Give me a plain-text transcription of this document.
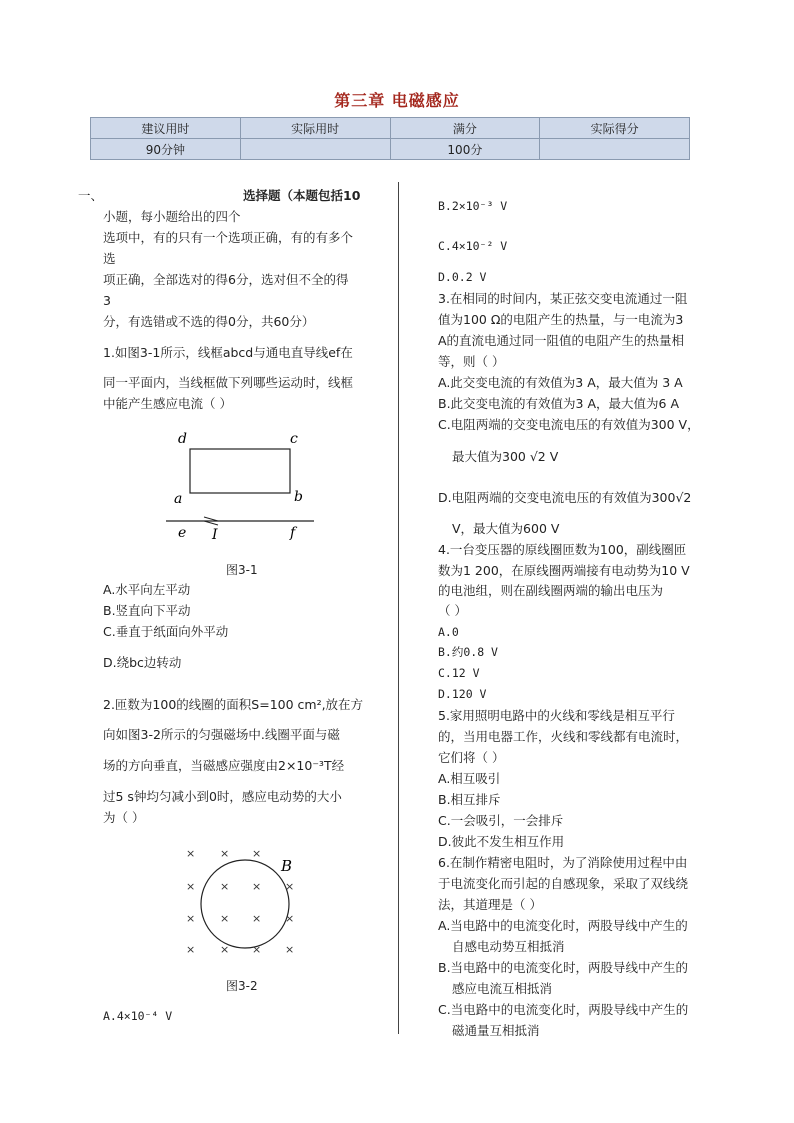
第三章 电磁感应
建议用时	实际用时	满分	实际得分
90分钟		100分	
一、	选择题（本题包括10
小题，每小题给出的四个
选项中，有的只有一个选项正确，有的有多个
选
项正确，全部选对的得6分，选对但不全的得
3
分，有选错或不选的得0分，共60分）
1.如图3-1所示，线框abcd与通电直导线ef在
同一平面内，当线框做下列哪些运动时，线框
中能产生感应电流（ ）
d	c
a	b
e I	f
图3-1
A.水平向左平动
B.竖直向下平动
C.垂直于纸面向外平动
D.绕bc边转动
2.匝数为100的线圈的面积S=100 cm²,放在方
向如图3-2所示的匀强磁场中.线圈平面与磁
场的方向垂直，当磁感应强度由2×10⁻³T经
过5 s钟均匀减小到0时，感应电动势的大小
为（ ）
× × ×
× × × ×
× × × ×
× × × ×
B
图3-2
A.4×10⁻⁴ V
B.2×10⁻³ V
C.4×10⁻² V
D.0.2 V
3.在相同的时间内，某正弦交变电流通过一阻
值为100 Ω的电阻产生的热量，与一电流为3
A的直流电通过同一阻值的电阻产生的热量相
等，则（ ）
A.此交变电流的有效值为3 A，最大值为 3 A
B.此交变电流的有效值为3 A，最大值为6 A
C.电阻两端的交变电流电压的有效值为300 V，
最大值为300 √2 V
D.电阻两端的交变电流电压的有效值为300√2
V，最大值为600 V
4.一台变压器的原线圈匝数为100，副线圈匝
数为1 200，在原线圈两端接有电动势为10 V
的电池组，则在副线圈两端的输出电压为
（ ）
A.0
B.约0.8 V
C.12 V
D.120 V
5.家用照明电路中的火线和零线是相互平行
的，当用电器工作，火线和零线都有电流时，
它们将（ ）
A.相互吸引
B.相互排斥
C.一会吸引，一会排斥
D.彼此不发生相互作用
6.在制作精密电阻时，为了消除使用过程中由
于电流变化而引起的自感现象，采取了双线绕
法，其道理是（ ）
A.当电路中的电流变化时，两股导线中产生的
自感电动势互相抵消
B.当电路中的电流变化时，两股导线中产生的
感应电流互相抵消
C.当电路中的电流变化时，两股导线中产生的
磁通量互相抵消
